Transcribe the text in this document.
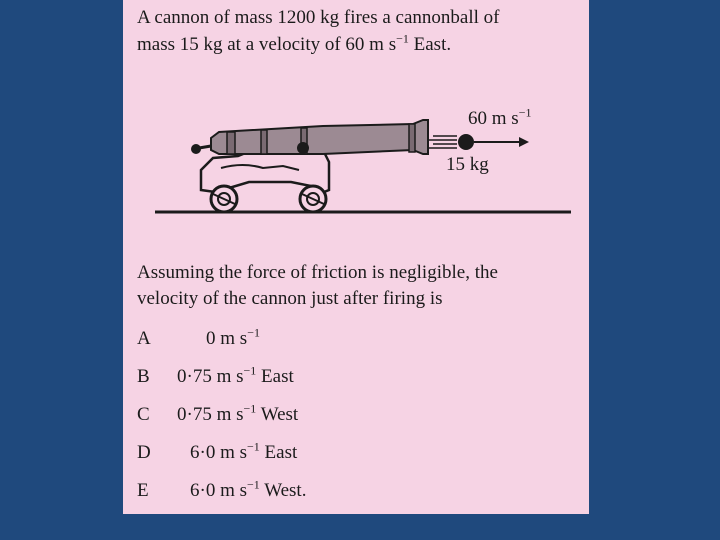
A cannon of mass 1200 kg fires a cannonball of
mass 15 kg at a velocity of 60 m $s^{-1}$ East.
60 m $s^{-1}$
15 kg
Assuming the force of friction is negligible, the
velocity of the cannon just after firing is
A	0 m $s^{-1}$
B 0·75 m $s^{-1}$ East
C 0·75 m $s^{-1}$ West
D 6·0 m $s^{-1}$ East
E 6·0 m $s^{-1}$ West.
